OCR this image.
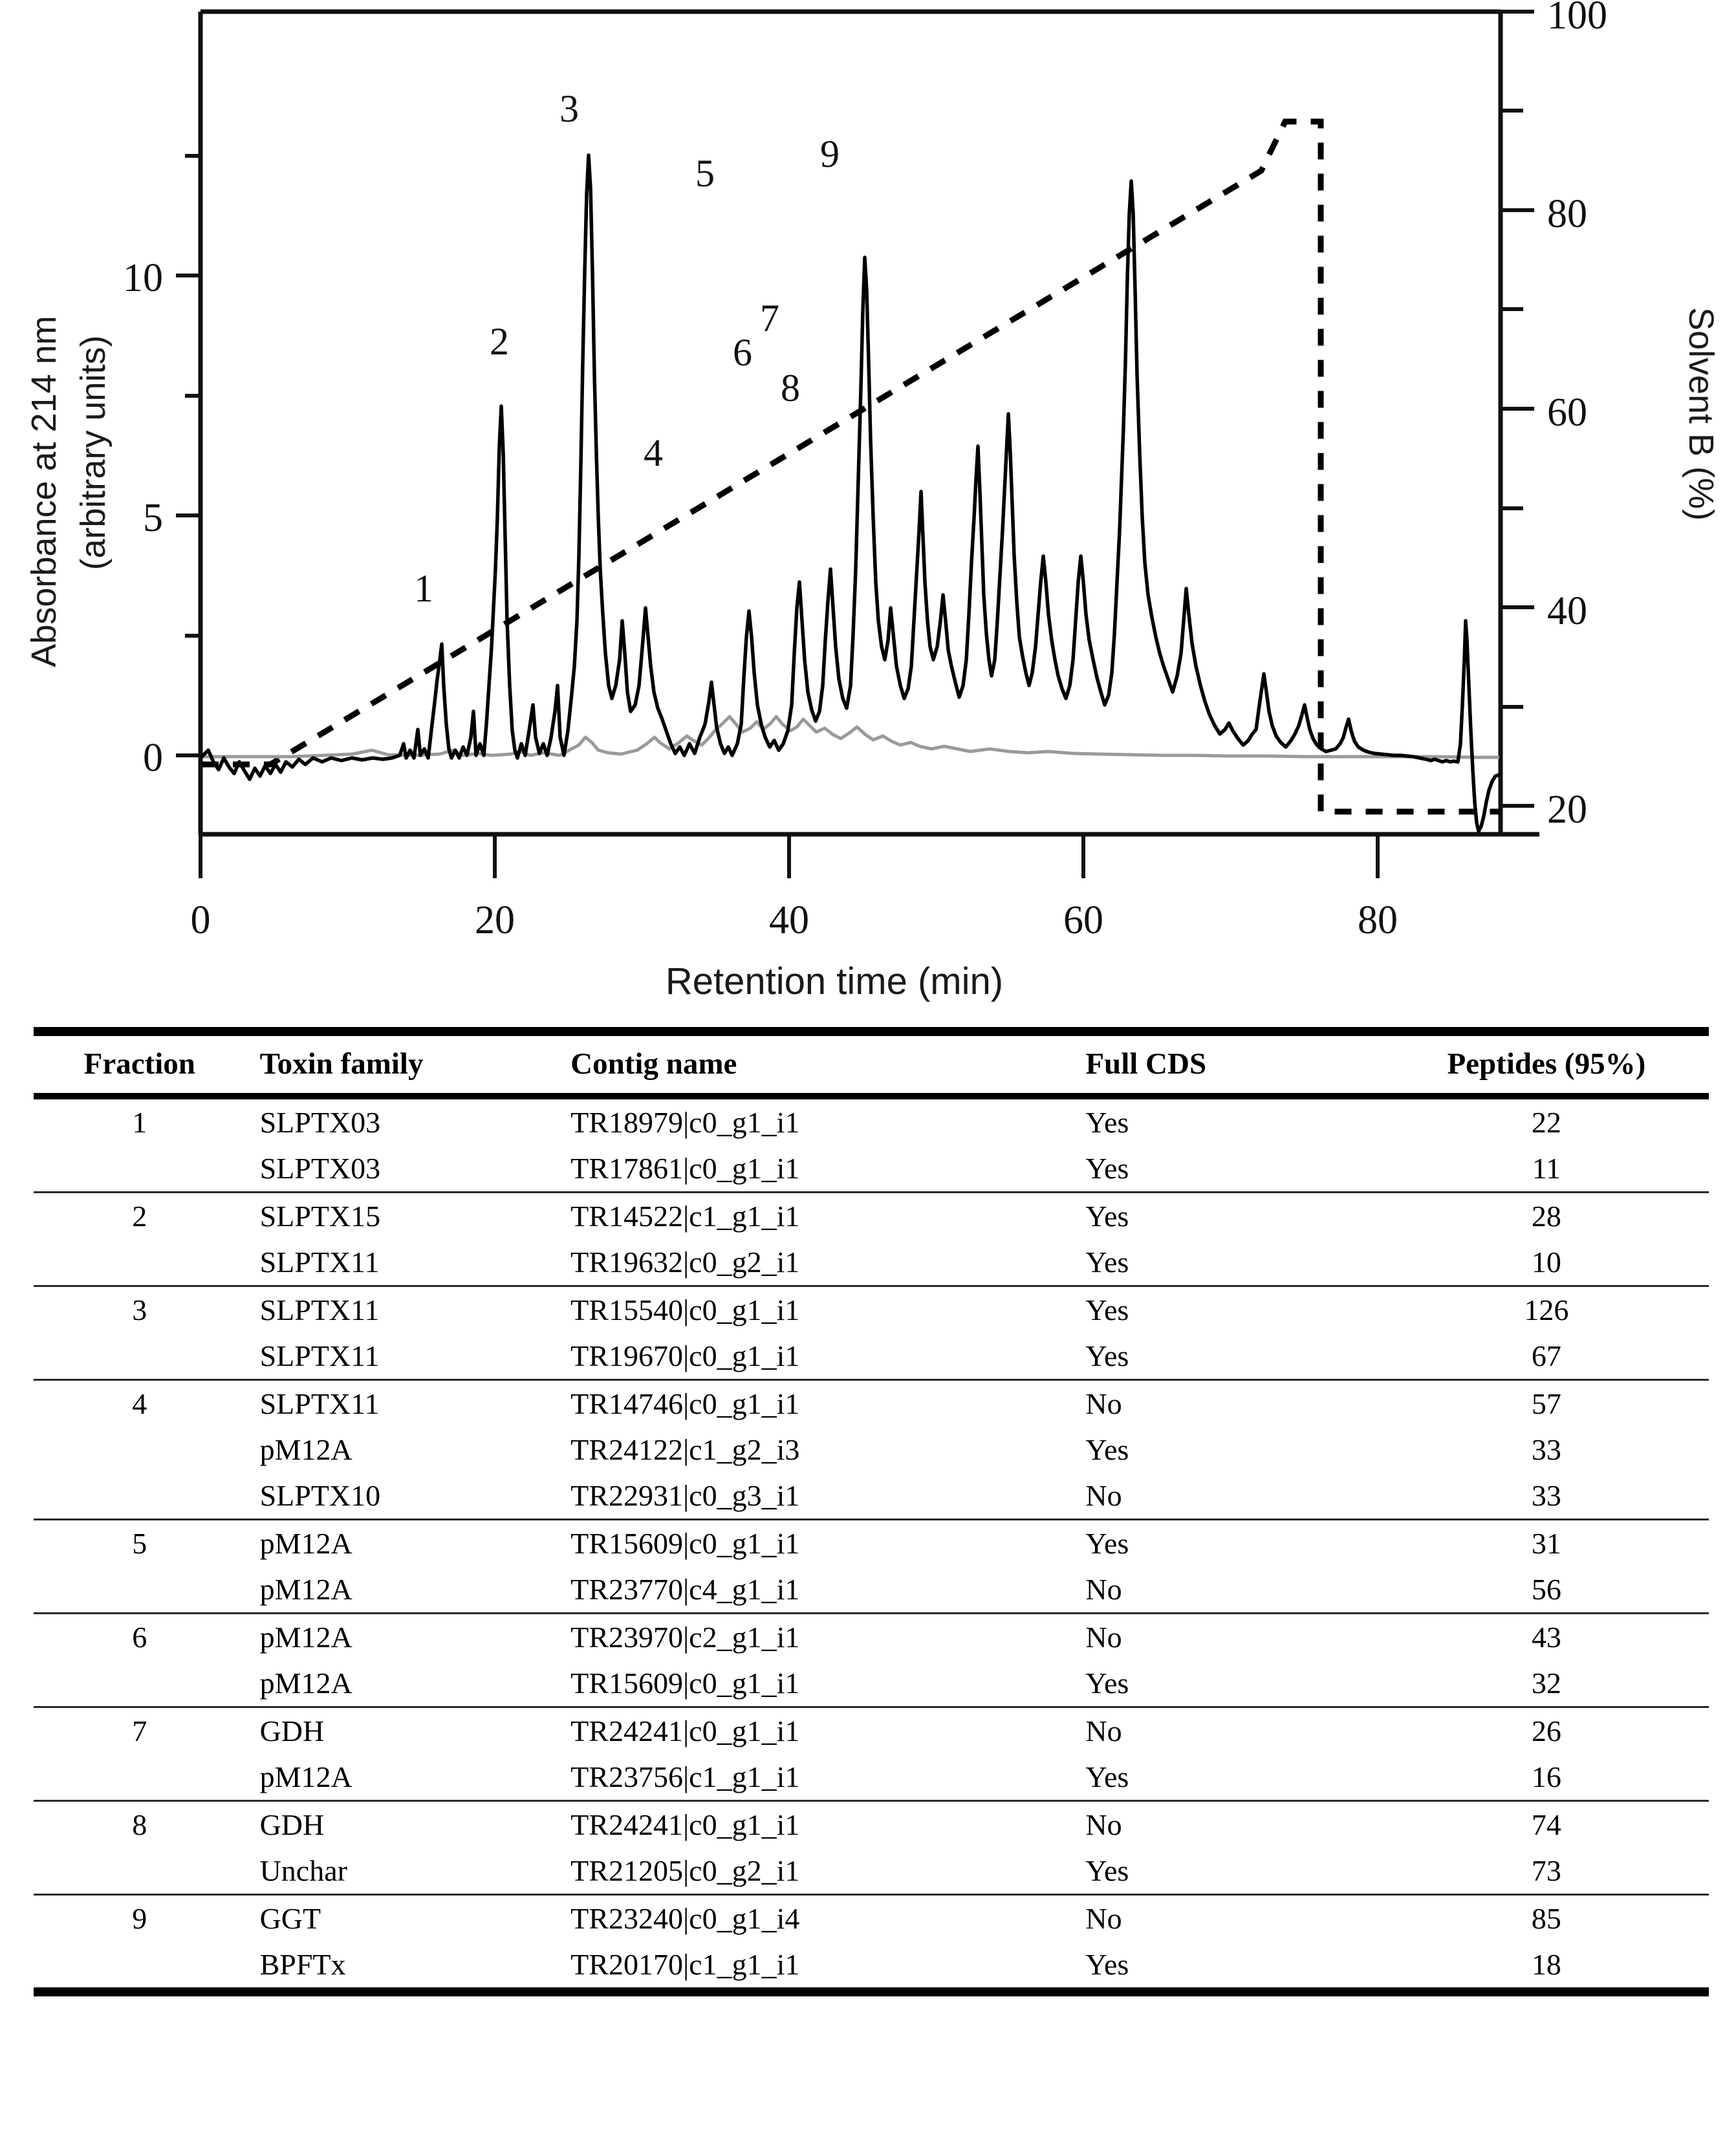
0
5
10
Absorbance at 214 nm (arbitrary units)
100
80
60
40
20
Solvent B (%)
0	20	40	60	80
Retention time (min)
1
2
3
4
5
6
7
8
9
Fraction	Toxin family	Contig name	Full CDS	Peptides (95%)
1	SLPTX03	TR18979|c0_g1_i1	Yes	22
	SLPTX03	TR17861|c0_g1_i1	Yes	11
2	SLPTX15	TR14522|c1_g1_i1	Yes	28
	SLPTX11	TR19632|c0_g2_i1	Yes	10
3	SLPTX11	TR15540|c0_g1_i1	Yes	126
	SLPTX11	TR19670|c0_g1_i1	Yes	67
4	SLPTX11	TR14746|c0_g1_i1	No	57
	pM12A	TR24122|c1_g2_i3	Yes	33
	SLPTX10	TR22931|c0_g3_i1	No	33
5	pM12A	TR15609|c0_g1_i1	Yes	31
	pM12A	TR23770|c4_g1_i1	No	56
6	pM12A	TR23970|c2_g1_i1	No	43
	pM12A	TR15609|c0_g1_i1	Yes	32
7	GDH	TR24241|c0_g1_i1	No	26
	pM12A	TR23756|c1_g1_i1	Yes	16
8	GDH	TR24241|c0_g1_i1	No	74
	Unchar	TR21205|c0_g2_i1	Yes	73
9	GGT	TR23240|c0_g1_i4	No	85
	BPFTx	TR20170|c1_g1_i1	Yes	18
